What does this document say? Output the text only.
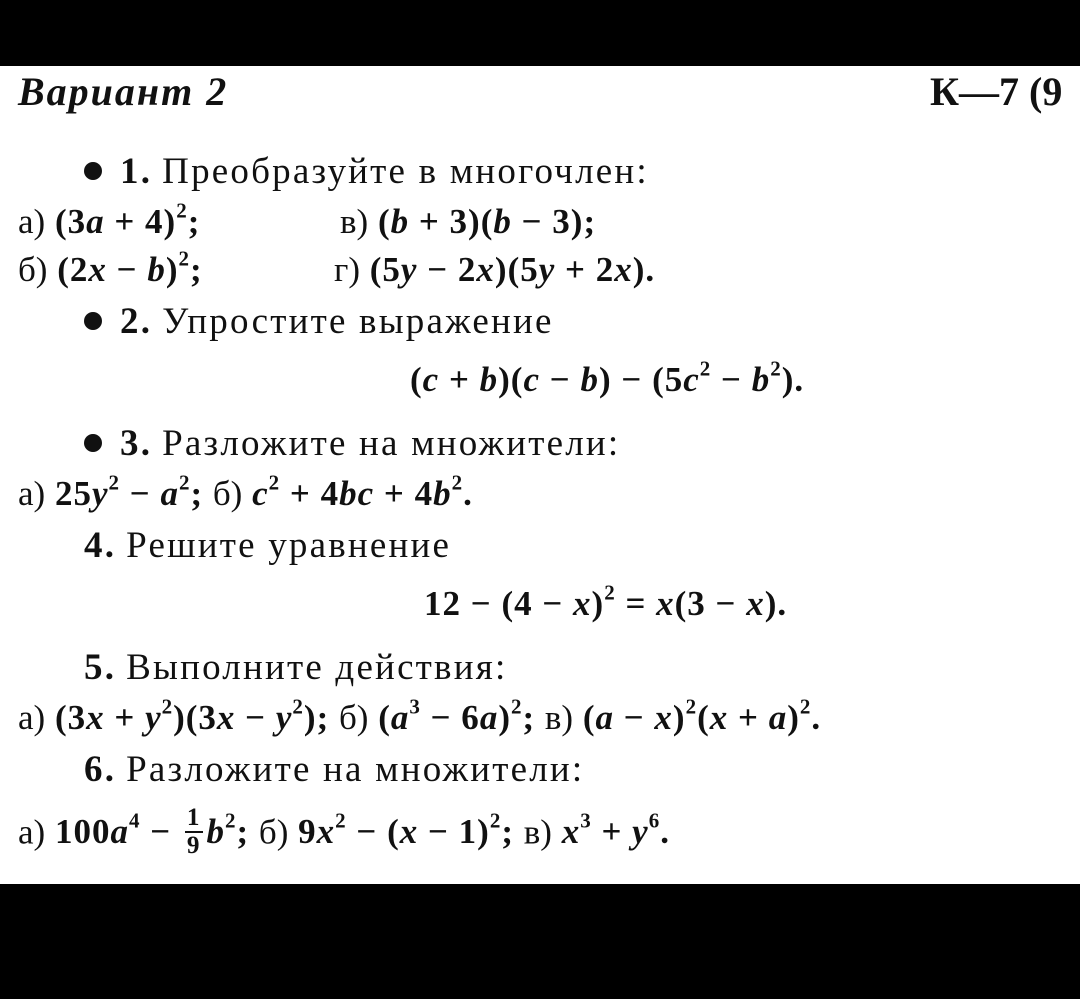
Вариант 2	К—7 (9
1. Преобразуйте в многочлен:
а) $(3a + 4)^2$;	в) (b + 3)(b − 3);
б) $(2x - b)^2$;	г) (5y − 2x)(5y + 2x).
2. Упростите выражение
$(c + b)(c - b) - (5c^2 - b^2)$.
3. Разложите на множители:
а) $25y^2 - a^2$; б) $c^2 + 4bc + 4b^2$.
4. Решите уравнение
$12 - (4 - x)^2 = x(3 - x)$.
5. Выполните действия:
а) $(3x + y^2)(3x - y^2)$; б) $(a^3 - 6a)^2$; в) $(a - x)^2(x + a)^2$.
6. Разложите на множители:
а) $100a^4 - \frac{1}{9} b^2$; б) $9x^2 - (x - 1)^2$; в) $x^3 + y^6$.
